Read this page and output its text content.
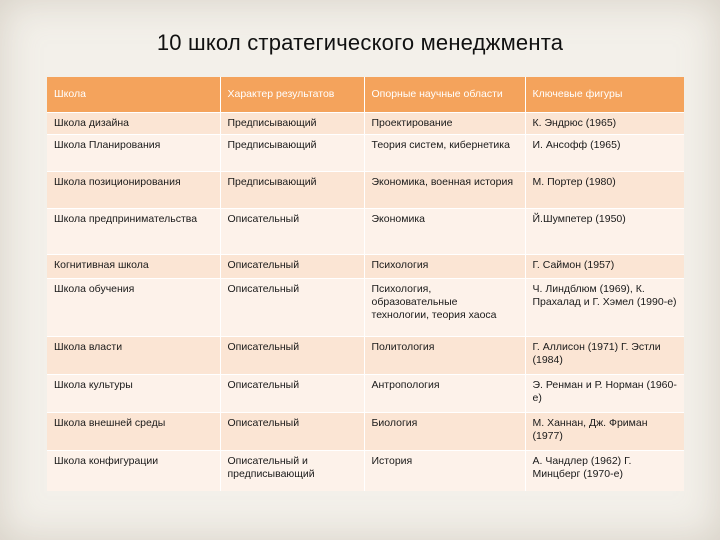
10 школ стратегического менеджмента
Школа	Характер результатов	Опорные научные области	Ключевые фигуры
Школа дизайна	Предписывающий	Проектирование	К. Эндрюс (1965)
Школа Планирования	Предписывающий	Теория систем, кибернетика	И. Ансофф (1965)
Школа позиционирования	Предписывающий	Экономика, военная история	М. Портер (1980)
Школа предпринимательства	Описательный	Экономика	Й.Шумпетер (1950)
Когнитивная школа	Описательный	Психология	Г. Саймон (1957)
Школа обучения	Описательный	Психология, образовательные технологии, теория хаоса	Ч. Линдблюм (1969), К. Прахалад и Г. Хэмел (1990-е)
Школа власти	Описательный	Политология	Г. Аллисон (1971) Г. Эстли (1984)
Школа культуры	Описательный	Антропология	Э. Ренман и Р. Норман (1960-е)
Школа внешней среды	Описательный	Биология	М. Ханнан, Дж. Фриман (1977)
Школа конфигурации	Описательный и предписывающий	История	А. Чандлер (1962) Г. Минцберг (1970-е)
